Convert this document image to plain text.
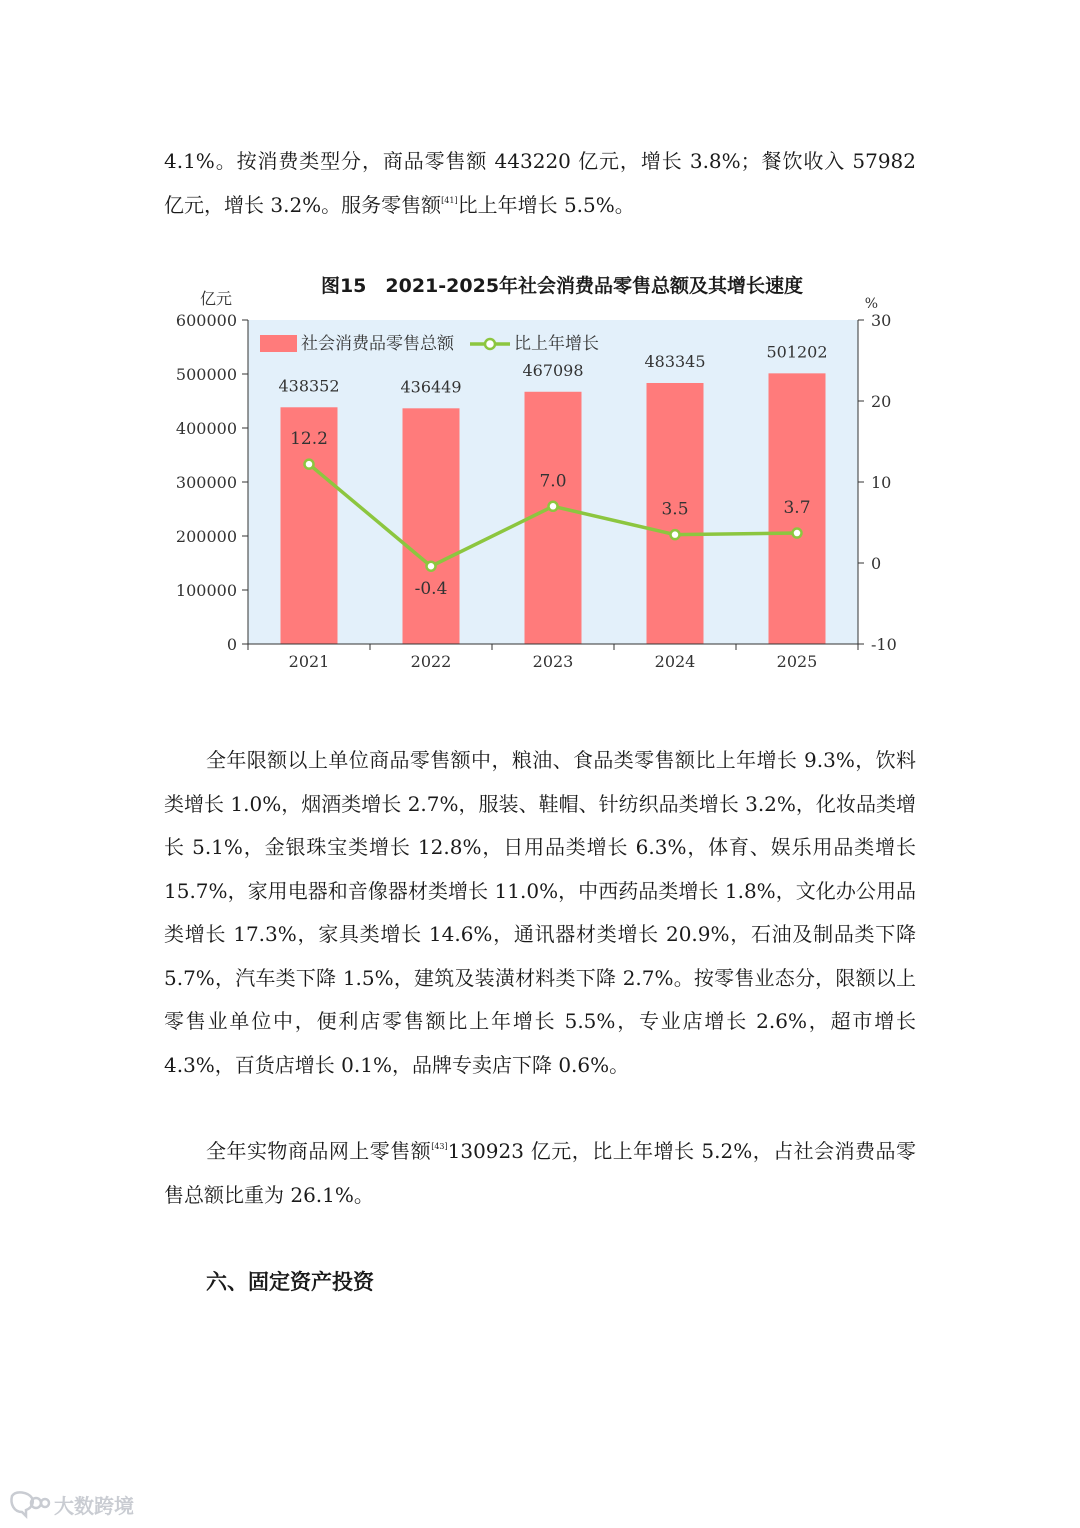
4.1%。按消费类型分，商品零售额 443220 亿元，增长 3.8%；餐饮收入 57982 亿元，增长 3.2%。服务零售额[41]比上年增长 5.5%。

图15　2021-2025年社会消费品零售总额及其增长速度
亿元	%
600000
500000
400000
300000
200000
100000
0
30
20
10
0
-10
438352	436449
467098	483345
501202
12.2
-0.4
7.0
3.5	3.7
2021	2022	2023	2024	2025
社会消费品零售总额	比上年增长

全年限额以上单位商品零售额中，粮油、食品类零售额比上年增长 9.3%，饮料类增长 1.0%，烟酒类增长 2.7%，服装、鞋帽、针纺织品类增长 3.2%，化妆品类增长 5.1%，金银珠宝类增长 12.8%，日用品类增长 6.3%，体育、娱乐用品类增长 15.7%，家用电器和音像器材类增长 11.0%，中西药品类增长 1.8%，文化办公用品类增长 17.3%，家具类增长 14.6%，通讯器材类增长 20.9%，石油及制品类下降 5.7%，汽车类下降 1.5%，建筑及装潢材料类下降 2.7%。按零售业态分，限额以上零售业单位中，便利店零售额比上年增长 5.5%，专业店增长 2.6%，超市增长 4.3%，百货店增长 0.1%，品牌专卖店下降 0.6%。

全年实物商品网上零售额[43]130923 亿元，比上年增长 5.2%，占社会消费品零售总额比重为 26.1%。

六、固定资产投资
大数跨境
